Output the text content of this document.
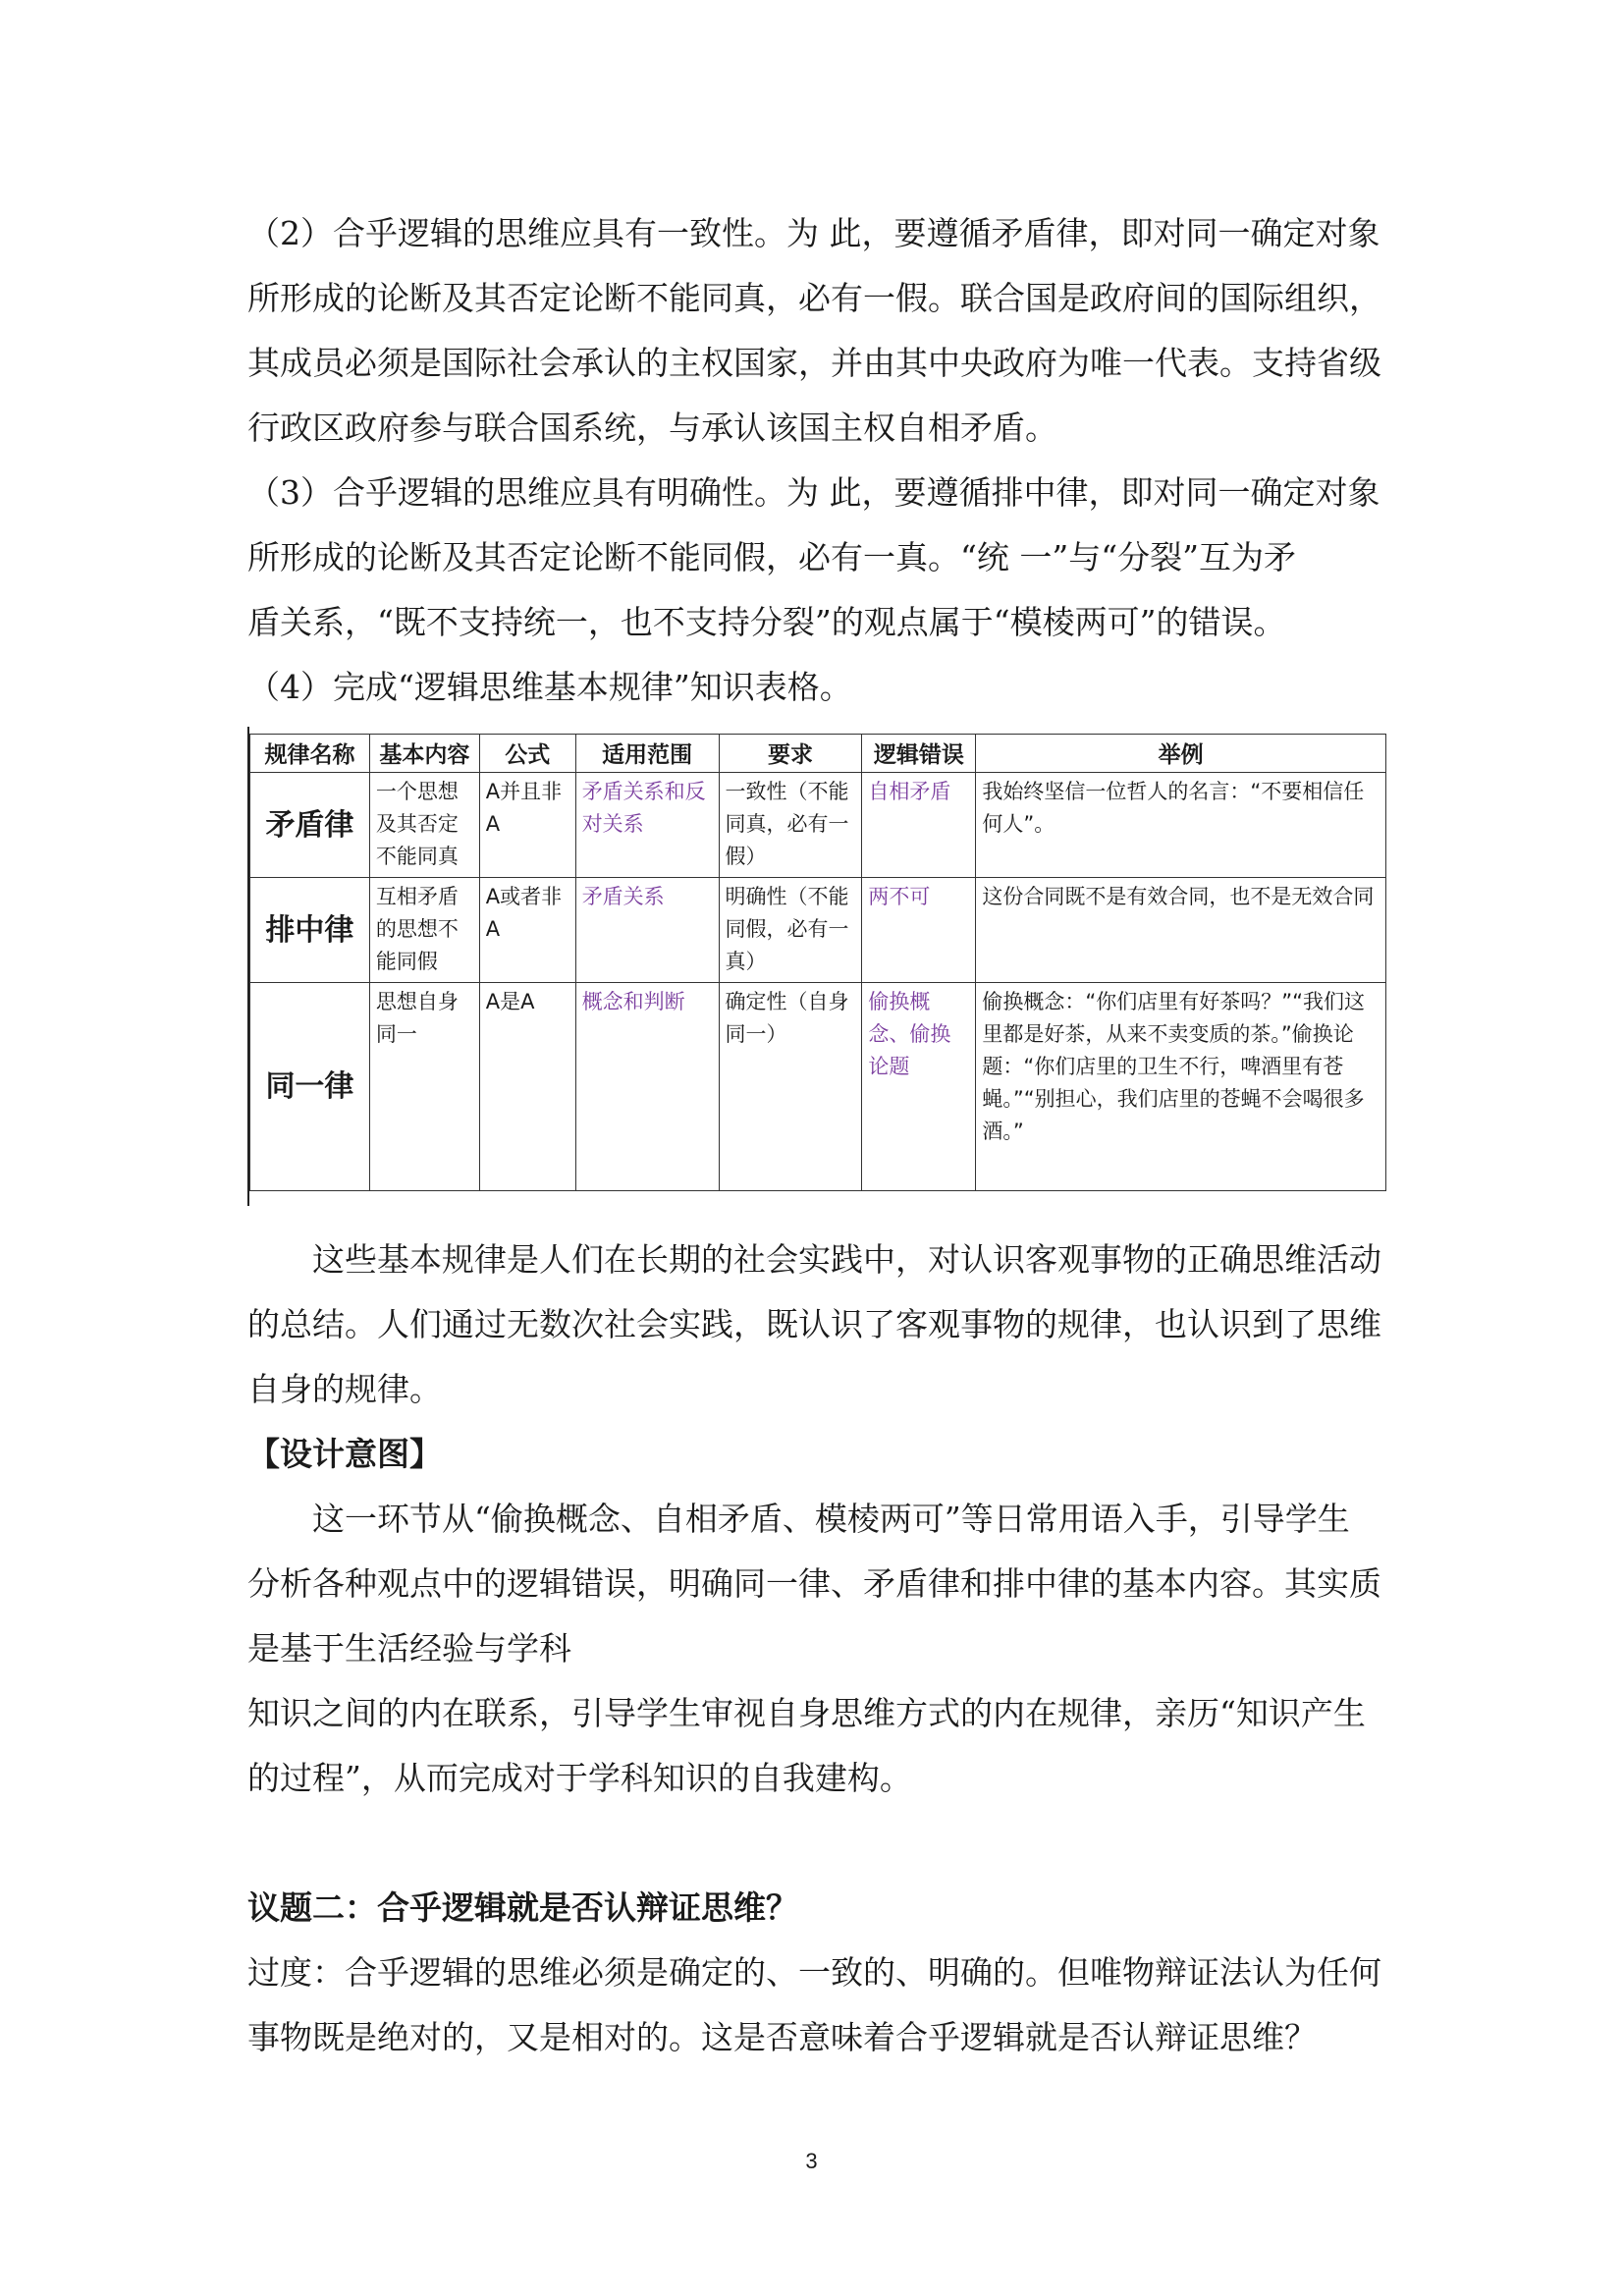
（2）合乎逻辑的思维应具有一致性。为 此，要遵循矛盾律，即对同一确定对象
所形成的论断及其否定论断不能同真，必有一假。联合国是政府间的国际组织，
其成员必须是国际社会承认的主权国家，并由其中央政府为唯一代表。支持省级
行政区政府参与联合国系统，与承认该国主权自相矛盾。

（3）合乎逻辑的思维应具有明确性。为 此，要遵循排中律，即对同一确定对象
所形成的论断及其否定论断不能同假，必有一真。“统 一”与“分裂”互为矛
盾关系，“既不支持统一，也不支持分裂”的观点属于“模棱两可”的错误。

（4）完成“逻辑思维基本规律”知识表格。

规律名称	基本内容	公式	适用范围	要求	逻辑错误	举例
矛盾律	一个思想及其否定不能同真	A并且非A	矛盾关系和反对关系	一致性（不能同真，必有一假）	自相矛盾	我始终坚信一位哲人的名言：“不要相信任何人”。
排中律	互相矛盾的思想不能同假	A或者非A	矛盾关系	明确性（不能同假，必有一真）	两不可	这份合同既不是有效合同，也不是无效合同
同一律	思想自身同一	A是A	概念和判断	确定性（自身同一）	偷换概念、偷换论题	偷换概念：“你们店里有好茶吗？”“我们这里都是好茶，从来不卖变质的茶。”偷换论题：“你们店里的卫生不行，啤酒里有苍蝇。”“别担心，我们店里的苍蝇不会喝很多酒。”

这些基本规律是人们在长期的社会实践中，对认识客观事物的正确思维活动
的总结。人们通过无数次社会实践，既认识了客观事物的规律，也认识到了思维
自身的规律。

【设计意图】

这一环节从“偷换概念、自相矛盾、模棱两可”等日常用语入手，引导学生
分析各种观点中的逻辑错误，明确同一律、矛盾律和排中律的基本内容。其实质
是基于生活经验与学科
知识之间的内在联系，引导学生审视自身思维方式的内在规律，亲历“知识产生
的过程”，从而完成对于学科知识的自我建构。

议题二：合乎逻辑就是否认辩证思维？

过度：合乎逻辑的思维必须是确定的、一致的、明确的。但唯物辩证法认为任何
事物既是绝对的，又是相对的。这是否意味着合乎逻辑就是否认辩证思维？

3
